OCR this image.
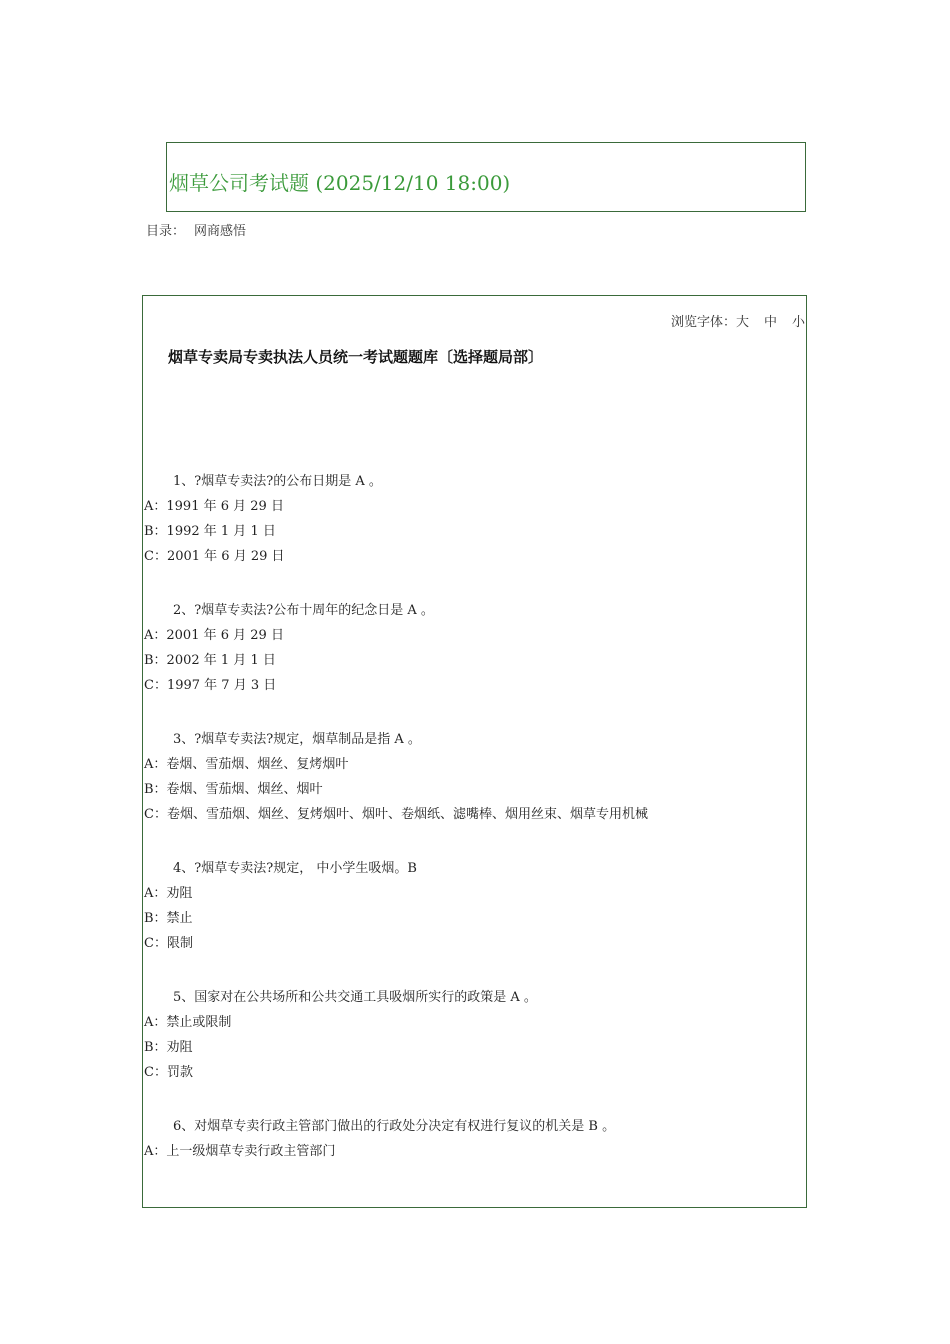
烟草公司考试题 (2025/12/10 18:00)
目录： 网商感悟
浏览字体：大 中 小
烟草专卖局专卖执法人员统一考试题题库〔选择题局部〕
1、?烟草专卖法?的公布日期是 A 。
A：1991 年 6 月 29 日
B：1992 年 1 月 1 日
C：2001 年 6 月 29 日
2、?烟草专卖法?公布十周年的纪念日是 A 。
A：2001 年 6 月 29 日
B：2002 年 1 月 1 日
C：1997 年 7 月 3 日
3、?烟草专卖法?规定，烟草制品是指 A 。
A：卷烟、雪茄烟、烟丝、复烤烟叶
B：卷烟、雪茄烟、烟丝、烟叶
C：卷烟、雪茄烟、烟丝、复烤烟叶、烟叶、卷烟纸、滤嘴棒、烟用丝束、烟草专用机械
4、?烟草专卖法?规定， 中小学生吸烟。B
A：劝阻
B：禁止
C：限制
5、国家对在公共场所和公共交通工具吸烟所实行的政策是 A 。
A：禁止或限制
B：劝阻
C：罚款
6、对烟草专卖行政主管部门做出的行政处分决定有权进行复议的机关是 B 。
A：上一级烟草专卖行政主管部门
